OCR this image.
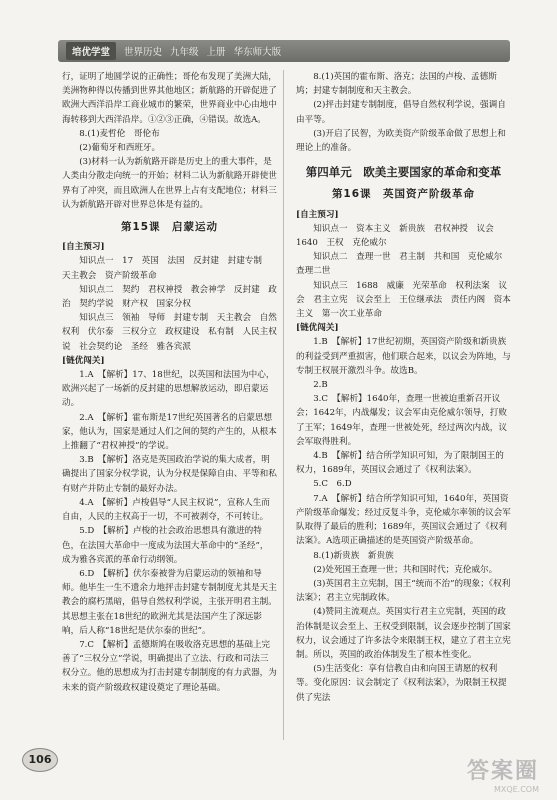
培优学堂	世界历史 九年级 上册 华东师大版

行，证明了地圆学说的正确性；哥伦布发现了美洲大陆，美洲物种得以传播到世界其他地区；新航路的开辟促进了欧洲大西洋沿岸工商业城市的繁荣，世界商业中心由地中海转移到大西洋沿岸。①②③正确，④错误。故选A。

8.(1)麦哲伦　哥伦布

(2)葡萄牙和西班牙。

(3)材料一认为新航路开辟是历史上的重大事件，是人类由分散走向统一的开始；材料二认为新航路开辟使世界有了冲突，而且欧洲人在世界上占有支配地位；材料三认为新航路开辟对世界总体是有益的。

第15课　启蒙运动

[自主预习]

知识点一　17　英国　法国　反封建　封建专制　天主教会　资产阶级革命

知识点二　契约　君权神授　教会神学　反封建　政治　契约学说　财产权　国家分权

知识点三　领袖　导师　封建专制　天主教会　自然权利　伏尔泰　三权分立　政权建设　私有制　人民主权说　社会契约论　圣经　雅各宾派

[链优闯关]

1.A　【解析】17、18世纪，以英国和法国为中心，欧洲兴起了一场新的反封建的思想解放运动，即启蒙运动。

2.A　【解析】霍布斯是17世纪英国著名的启蒙思想家，他认为，国家是通过人们之间的契约产生的，从根本上推翻了“君权神授”的学说。

3.B　【解析】洛克是英国政治学说的集大成者，明确提出了国家分权学说，认为分权是保障自由、平等和私有财产并防止专制的最好办法。

4.A　【解析】卢梭倡导“人民主权说”，宣称人生而自由，人民的主权高于一切，不可被剥夺，不可转让。

5.D　【解析】卢梭的社会政治思想具有激进的特色，在法国大革命中一度成为法国大革命中的“圣经”，成为雅各宾派的革命行动纲领。

6.D　【解析】伏尔泰被誉为启蒙运动的领袖和导师。他毕生一生不遗余力地抨击封建专制制度尤其是天主教会的腐朽黑暗，倡导自然权利学说，主张开明君主制。其思想主张在18世纪的欧洲尤其是法国产生了深远影响，后人称“18世纪是伏尔泰的世纪”。

7.C　【解析】孟德斯鸠在吸收洛克思想的基础上完善了“三权分立”学说，明确提出了立法、行政和司法三权分立。他的思想成为打击封建专制制度的有力武器，为未来的资产阶级政权建设奠定了理论基础。

8.(1)英国的霍布斯、洛克；法国的卢梭、孟德斯鸠；封建专制制度和天主教会。

(2)抨击封建专制制度，倡导自然权利学说，强调自由平等。

(3)开启了民智，为欧美资产阶级革命做了思想上和理论上的准备。

第四单元　欧美主要国家的革命和变革
第16课　英国资产阶级革命

[自主预习]

知识点一　资本主义　新贵族　君权神授　议会　1640　王权　克伦威尔

知识点二　查理一世　君主制　共和国　克伦威尔　查理二世

知识点三　1688　威廉　光荣革命　权利法案　议会　君主立宪　议会至上　王位继承法　责任内阁　资本主义　第一次工业革命

[链优闯关]

1.B　【解析】17世纪初期，英国资产阶级和新贵族的利益受到严重损害，他们联合起来，以议会为阵地，与专制王权展开激烈斗争。故选B。

2.B

3.C　【解析】1640年，查理一世被迫重新召开议会；1642年，内战爆发；议会军由克伦威尔领导，打败了王军；1649年，查理一世被处死，经过两次内战，议会军取得胜利。

4.B　【解析】结合所学知识可知，为了限制国王的权力，1689年，英国议会通过了《权利法案》。

5.C　6.D

7.A　【解析】结合所学知识可知，1640年，英国资产阶级革命爆发；经过反复斗争，克伦威尔率领的议会军队取得了最后的胜利；1689年，英国议会通过了《权利法案》。A选项正确描述的是英国资产阶级革命。

8.(1)新贵族　新贵族

(2)处死国王查理一世；共和国时代；克伦威尔。

(3)英国君主立宪制，国王“统而不治”的现象；《权利法案》；君主立宪制政体。

(4)赞同主流观点。英国实行君主立宪制，英国的政治体制是议会至上、王权受到限制，议会逐步控制了国家权力，议会通过了许多法令来限制王权，建立了君主立宪制。所以，英国的政治体制发生了根本性变化。

(5)生活变化：享有信教自由和向国王请愿的权利等。变化原因：议会制定了《权利法案》，为限制王权提供了宪法

106	答案圈
MXQE.COM
